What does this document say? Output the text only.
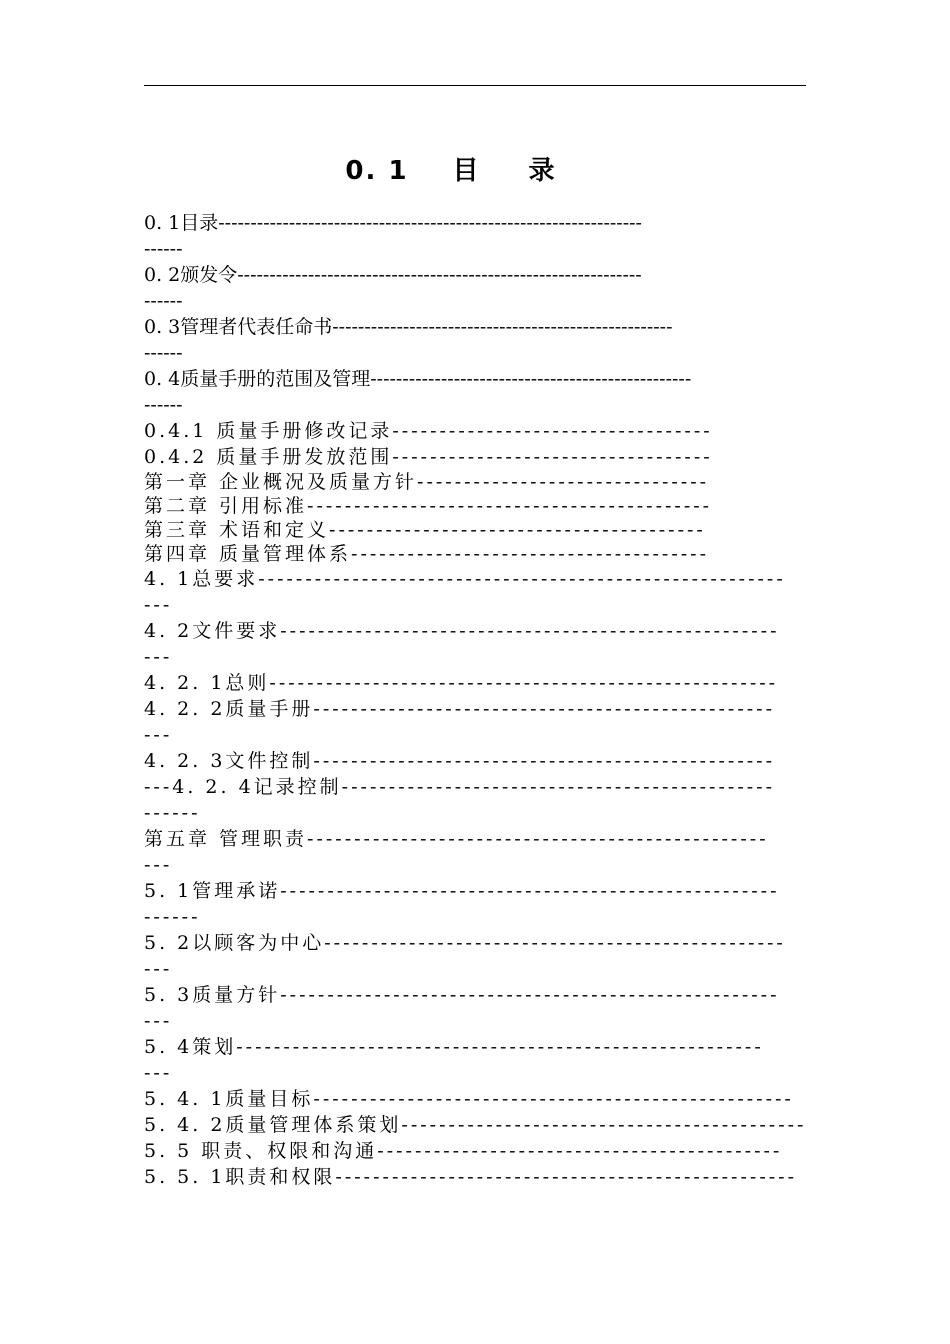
0. 1 目录
0. 1目录------------------------------------------------------------------
------
0. 2颁发令---------------------------------------------------------------
------
0. 3管理者代表任命书-----------------------------------------------------
------
0. 4质量手册的范围及管理--------------------------------------------------
------
0.4.1 质量手册修改记录----------------------------------
0.4.2 质量手册发放范围----------------------------------
第一章 企业概况及质量方针-------------------------------
第二章 引用标准-------------------------------------------
第三章 术语和定义----------------------------------------
第四章 质量管理体系--------------------------------------
4. 1总要求--------------------------------------------------------
---
4. 2文件要求-----------------------------------------------------
---
4. 2. 1总则------------------------------------------------------
4. 2. 2质量手册-------------------------------------------------
---
4. 2. 3文件控制-------------------------------------------------
---4. 2. 4记录控制----------------------------------------------
------
第五章 管理职责-------------------------------------------------
---
5. 1管理承诺-----------------------------------------------------
------
5. 2以顾客为中心-------------------------------------------------
---
5. 3质量方针-----------------------------------------------------
---
5. 4策划--------------------------------------------------------
---
5. 4. 1质量目标---------------------------------------------------
5. 4. 2质量管理体系策划-------------------------------------------
5. 5 职责、权限和沟通-------------------------------------------
5. 5. 1职责和权限-------------------------------------------------
